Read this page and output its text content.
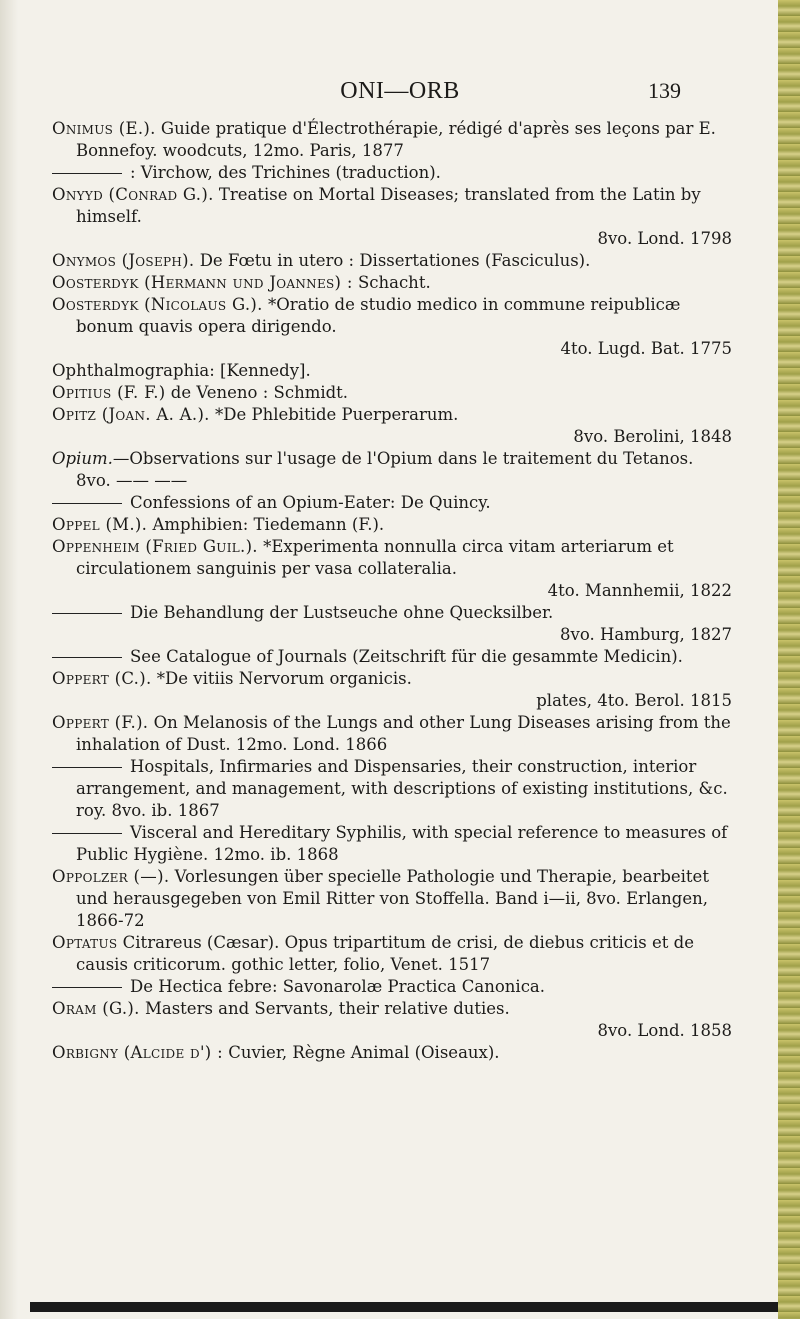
ONI—ORB	139
Onimus (E.). Guide pratique d'Électrothérapie, rédigé d'après ses leçons par E. Bonnefoy. woodcuts, 12mo. Paris, 1877
: Virchow, des Trichines (traduction).
Onyyd (Conrad G.). Treatise on Mortal Diseases; translated from the Latin by himself.
8vo. Lond. 1798
Onymos (Joseph). De Fœtu in utero : Dissertationes (Fasciculus).
Oosterdyk (Hermann und Joannes) : Schacht.
Oosterdyk (Nicolaus G.). *Oratio de studio medico in commune reipublicæ bonum quavis opera dirigendo.
4to. Lugd. Bat. 1775
Ophthalmographia: [Kennedy].
Opitius (F. F.) de Veneno : Schmidt.
Opitz (Joan. A. A.). *De Phlebitide Puerperarum.
8vo. Berolini, 1848
Opium.—Observations sur l'usage de l'Opium dans le traitement du Tetanos. 8vo. —— ——
Confessions of an Opium-Eater: De Quincy.
Oppel (M.). Amphibien: Tiedemann (F.).
Oppenheim (Fried Guil.). *Experimenta nonnulla circa vitam arteriarum et circulationem sanguinis per vasa collateralia.
4to. Mannhemii, 1822
Die Behandlung der Lustseuche ohne Quecksilber.
8vo. Hamburg, 1827
See Catalogue of Journals (Zeitschrift für die gesammte Medicin).
Oppert (C.). *De vitiis Nervorum organicis.
plates, 4to. Berol. 1815
Oppert (F.). On Melanosis of the Lungs and other Lung Diseases arising from the inhalation of Dust. 12mo. Lond. 1866
Hospitals, Infirmaries and Dispensaries, their construction, interior arrangement, and management, with descriptions of existing institutions, &c. roy. 8vo. ib. 1867
Visceral and Hereditary Syphilis, with special reference to measures of Public Hygiène. 12mo. ib. 1868
Oppolzer (—). Vorlesungen über specielle Pathologie und Therapie, bearbeitet und herausgegeben von Emil Ritter von Stoffella. Band i—ii, 8vo. Erlangen, 1866-72
Optatus Citrareus (Cæsar). Opus tripartitum de crisi, de diebus criticis et de causis criticorum. gothic letter, folio, Venet. 1517
De Hectica febre: Savonarolæ Practica Canonica.
Oram (G.). Masters and Servants, their relative duties.
8vo. Lond. 1858
Orbigny (Alcide d') : Cuvier, Règne Animal (Oiseaux).
